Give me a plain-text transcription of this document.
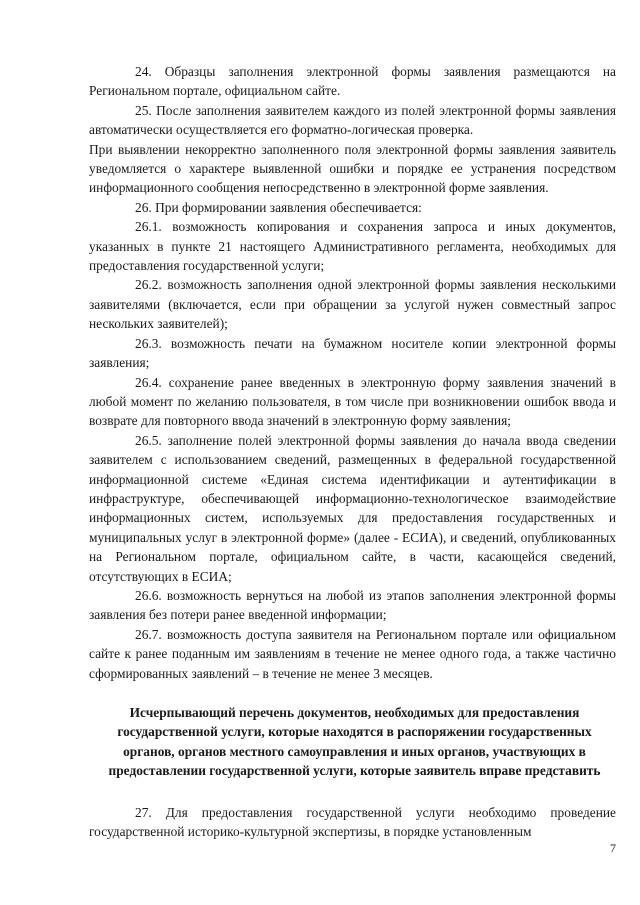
24. Образцы заполнения электронной формы заявления размещаются на Региональном портале, официальном сайте.

25. После заполнения заявителем каждого из полей электронной формы заявления автоматически осуществляется его форматно-логическая проверка.

При выявлении некорректно заполненного поля электронной формы заявления заявитель уведомляется о характере выявленной ошибки и порядке ее устранения посредством информационного сообщения непосредственно в электронной форме заявления.

26. При формировании заявления обеспечивается:

26.1. возможность копирования и сохранения запроса и иных документов, указанных в пункте 21 настоящего Административного регламента, необходимых для предоставления государственной услуги;

26.2. возможность заполнения одной электронной формы заявления несколькими заявителями (включается, если при обращении за услугой нужен совместный запрос нескольких заявителей);

26.3. возможность печати на бумажном носителе копии электронной формы заявления;

26.4. сохранение ранее введенных в электронную форму заявления значений в любой момент по желанию пользователя, в том числе при возникновении ошибок ввода и возврате для повторного ввода значений в электронную форму заявления;

26.5. заполнение полей электронной формы заявления до начала ввода сведении заявителем с использованием сведений, размещенных в федеральной государственной информационной системе «Единая система идентификации и аутентификации в инфраструктуре, обеспечивающей информационно-технологическое взаимодействие информационных систем, используемых для предоставления государственных и муниципальных услуг в электронной форме» (далее - ЕСИА), и сведений, опубликованных на Региональном портале, официальном сайте, в части, касающейся сведений, отсутствующих в ЕСИА;

26.6. возможность вернуться на любой из этапов заполнения электронной формы заявления без потери ранее введенной информации;

26.7. возможность доступа заявителя на Региональном портале или официальном сайте к ранее поданным им заявлениям в течение не менее одного года, а также частично сформированных заявлений – в течение не менее 3 месяцев.

Исчерпывающий перечень документов, необходимых для предоставления государственной услуги, которые находятся в распоряжении государственных органов, органов местного самоуправления и иных органов, участвующих в предоставлении государственной услуги, которые заявитель вправе представить

27. Для предоставления государственной услуги необходимо проведение государственной историко-культурной экспертизы, в порядке установленным

7
